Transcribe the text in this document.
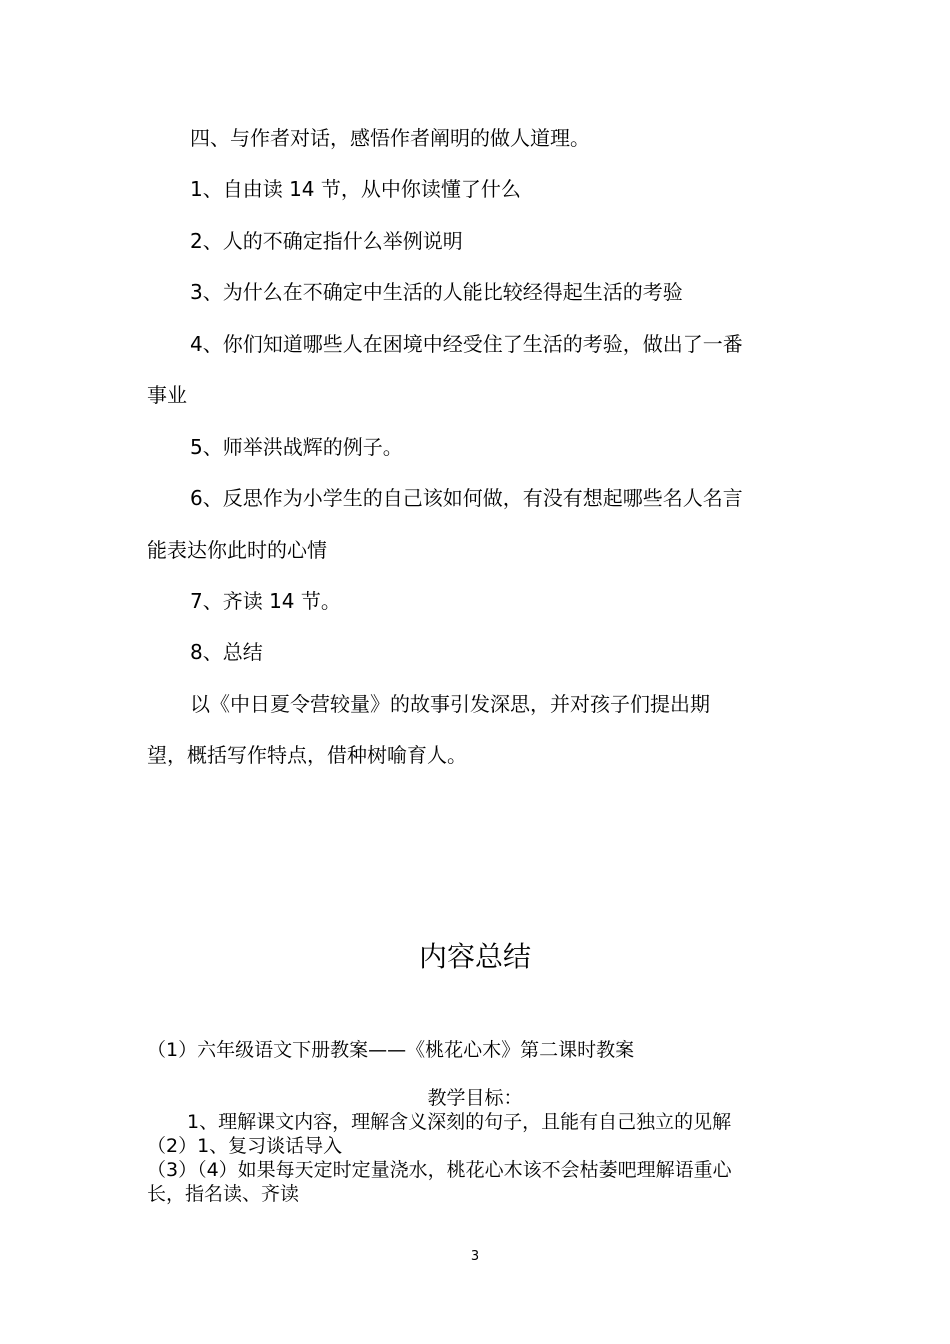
四、与作者对话，感悟作者阐明的做人道理。

1、自由读 14 节，从中你读懂了什么

2、人的不确定指什么举例说明

3、为什么在不确定中生活的人能比较经得起生活的考验

4、你们知道哪些人在困境中经受住了生活的考验，做出了一番

事业

5、师举洪战辉的例子。

6、反思作为小学生的自己该如何做，有没有想起哪些名人名言

能表达你此时的心情

7、齐读 14 节。

8、总结

以《中日夏令营较量》的故事引发深思，并对孩子们提出期

望，概括写作特点，借种树喻育人。

内容总结

（1）六年级语文下册教案——《桃花心木》第二课时教案

教学目标：

1、理解课文内容，理解含义深刻的句子，且能有自己独立的见解

（2）1、复习谈话导入

（3）（4）如果每天定时定量浇水，桃花心木该不会枯萎吧理解语重心

长，指名读、齐读

3
